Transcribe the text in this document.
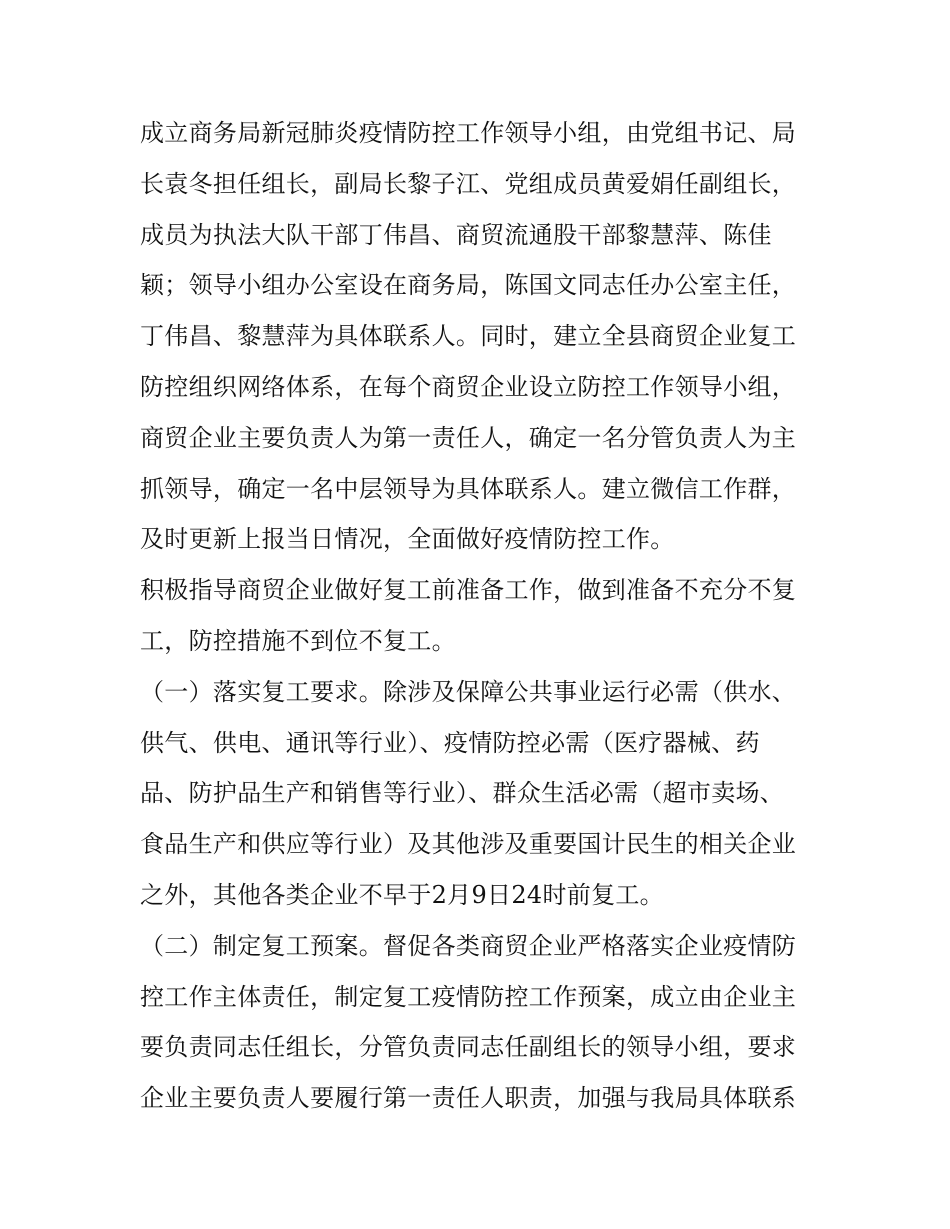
成立商务局新冠肺炎疫情防控工作领导小组，由党组书记、局
长袁冬担任组长，副局长黎子江、党组成员黄爱娟任副组长，
成员为执法大队干部丁伟昌、商贸流通股干部黎慧萍、陈佳
颖；领导小组办公室设在商务局，陈国文同志任办公室主任，
丁伟昌、黎慧萍为具体联系人。同时，建立全县商贸企业复工
防控组织网络体系，在每个商贸企业设立防控工作领导小组，
商贸企业主要负责人为第一责任人，确定一名分管负责人为主
抓领导，确定一名中层领导为具体联系人。建立微信工作群，
及时更新上报当日情况，全面做好疫情防控工作。
积极指导商贸企业做好复工前准备工作，做到准备不充分不复
工，防控措施不到位不复工。
（一）落实复工要求。除涉及保障公共事业运行必需（供水、
供气、供电、通讯等行业）、疫情防控必需（医疗器械、药
品、防护品生产和销售等行业）、群众生活必需（超市卖场、
食品生产和供应等行业）及其他涉及重要国计民生的相关企业
之外，其他各类企业不早于2月9日24时前复工。
（二）制定复工预案。督促各类商贸企业严格落实企业疫情防
控工作主体责任，制定复工疫情防控工作预案，成立由企业主
要负责同志任组长，分管负责同志任副组长的领导小组，要求
企业主要负责人要履行第一责任人职责，加强与我局具体联系
